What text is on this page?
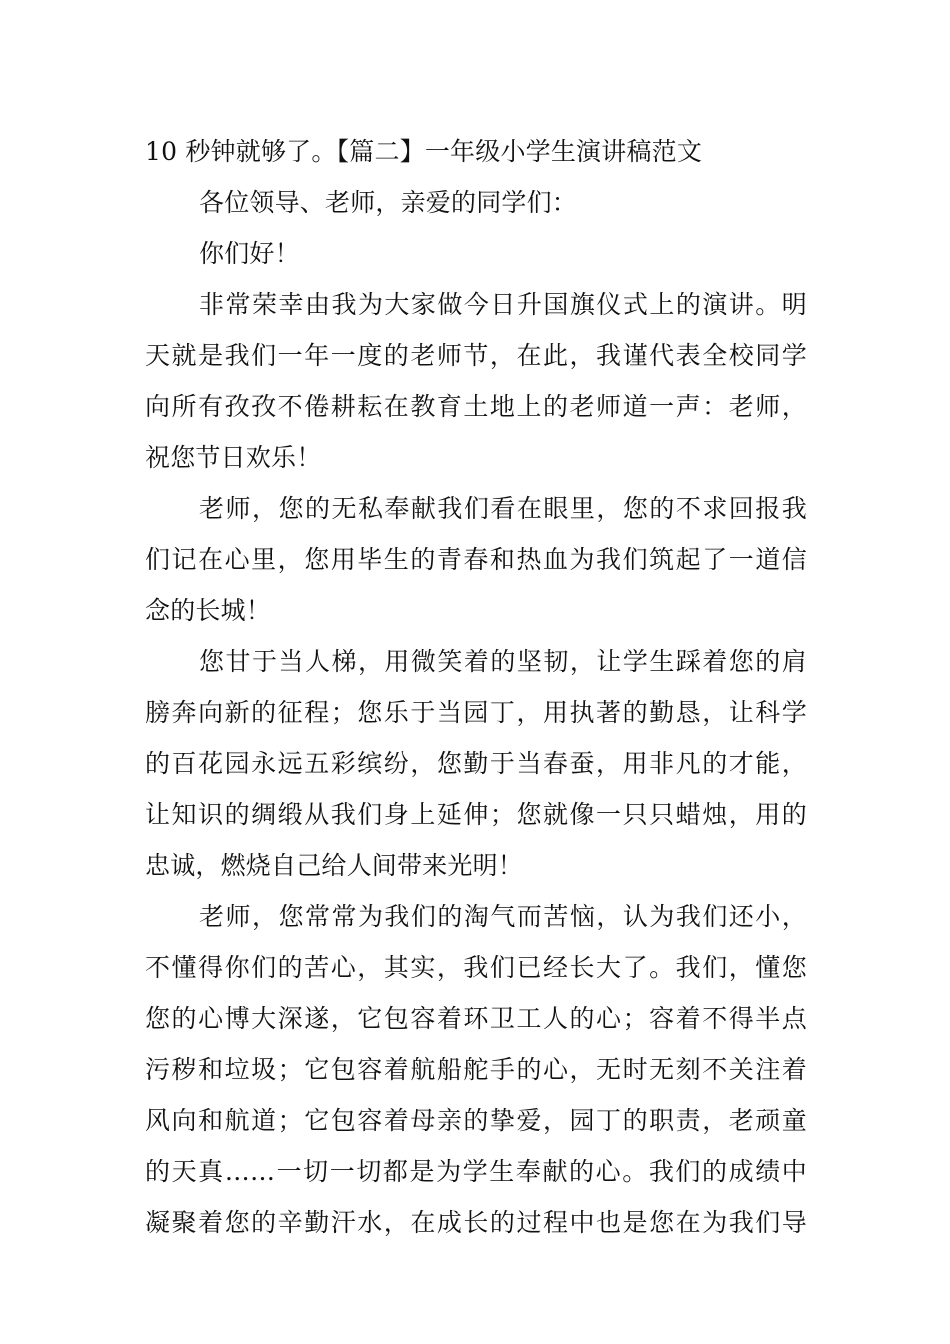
10 秒钟就够了。【篇二】一年级小学生演讲稿范文
各位领导、老师，亲爱的同学们：
你们好！
非常荣幸由我为大家做今日升国旗仪式上的演讲。明
天就是我们一年一度的老师节，在此，我谨代表全校同学
向所有孜孜不倦耕耘在教育土地上的老师道一声：老师，
祝您节日欢乐！
老师，您的无私奉献我们看在眼里，您的不求回报我
们记在心里，您用毕生的青春和热血为我们筑起了一道信
念的长城！
您甘于当人梯，用微笑着的坚韧，让学生踩着您的肩
膀奔向新的征程；您乐于当园丁，用执著的勤恳，让科学
的百花园永远五彩缤纷，您勤于当春蚕，用非凡的才能，
让知识的绸缎从我们身上延伸；您就像一只只蜡烛，用的
忠诚，燃烧自己给人间带来光明！
老师，您常常为我们的淘气而苦恼，认为我们还小，
不懂得你们的苦心，其实，我们已经长大了。我们，懂您
您的心博大深遂，它包容着环卫工人的心；容着不得半点
污秽和垃圾；它包容着航船舵手的心，无时无刻不关注着
风向和航道；它包容着母亲的挚爱，园丁的职责，老顽童
的天真……一切一切都是为学生奉献的心。我们的成绩中
凝聚着您的辛勤汗水，在成长的过程中也是您在为我们导
